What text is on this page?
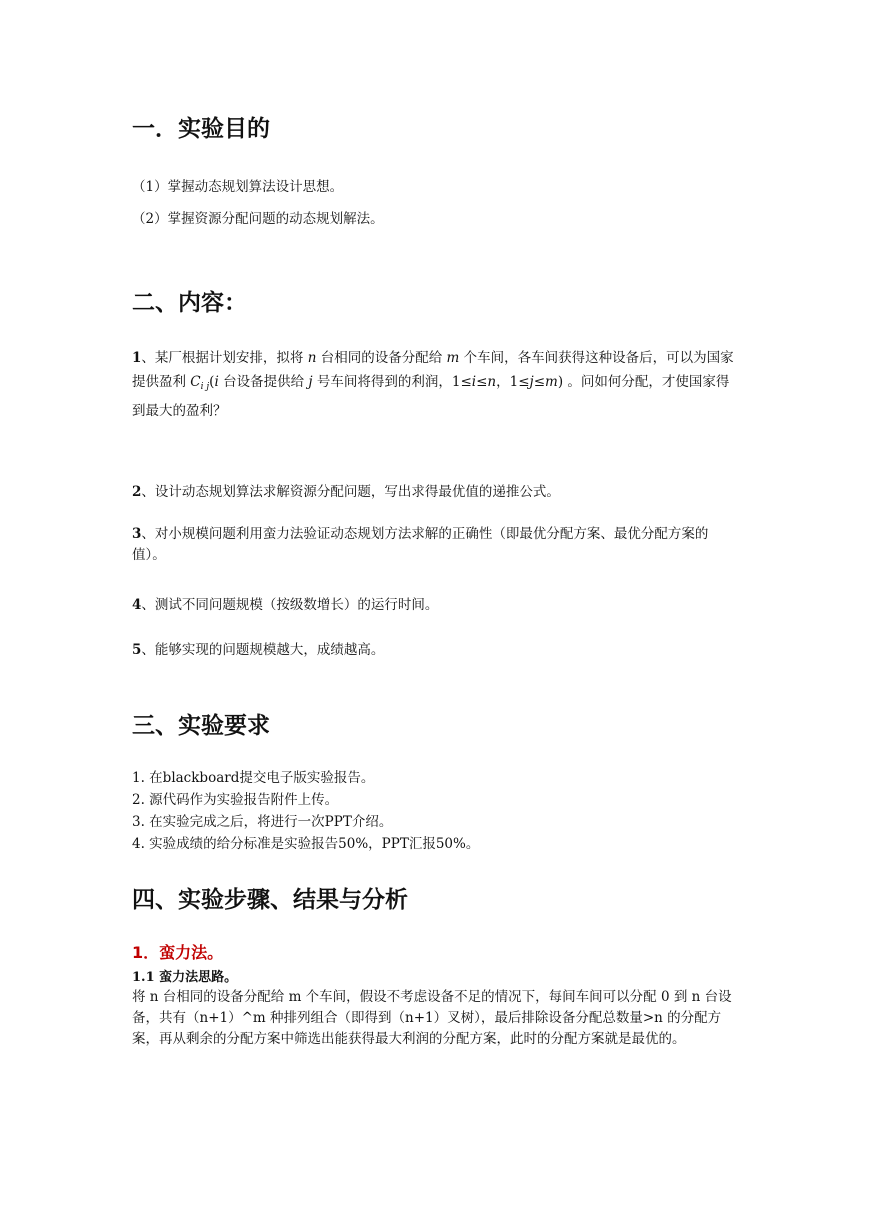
一．实验目的
（1）掌握动态规划算法设计思想。
（2）掌握资源分配问题的动态规划解法。
二、内容：
1、某厂根据计划安排，拟将 n 台相同的设备分配给 m 个车间，各车间获得这种设备后，可以为国家提供盈利 $C_{i j}(i$ 台设备提供给 j 号车间将得到的利润，1≤i≤n，1≤j≤m) 。问如何分配，才使国家得到最大的盈利？
2、设计动态规划算法求解资源分配问题，写出求得最优值的递推公式。
3、对小规模问题利用蛮力法验证动态规划方法求解的正确性（即最优分配方案、最优分配方案的值）。
4、测试不同问题规模（按级数增长）的运行时间。
5、能够实现的问题规模越大，成绩越高。
三、实验要求
1. 在blackboard提交电子版实验报告。
2. 源代码作为实验报告附件上传。
3. 在实验完成之后，将进行一次PPT介绍。
4. 实验成绩的给分标准是实验报告50%，PPT汇报50%。
四、实验步骤、结果与分析
1．蛮力法。
1.1 蛮力法思路。
将 n 台相同的设备分配给 m 个车间，假设不考虑设备不足的情况下，每间车间可以分配 0 到 n 台设备，共有（n+1）^m 种排列组合（即得到（n+1）叉树），最后排除设备分配总数量>n 的分配方案，再从剩余的分配方案中筛选出能获得最大利润的分配方案，此时的分配方案就是最优的。
